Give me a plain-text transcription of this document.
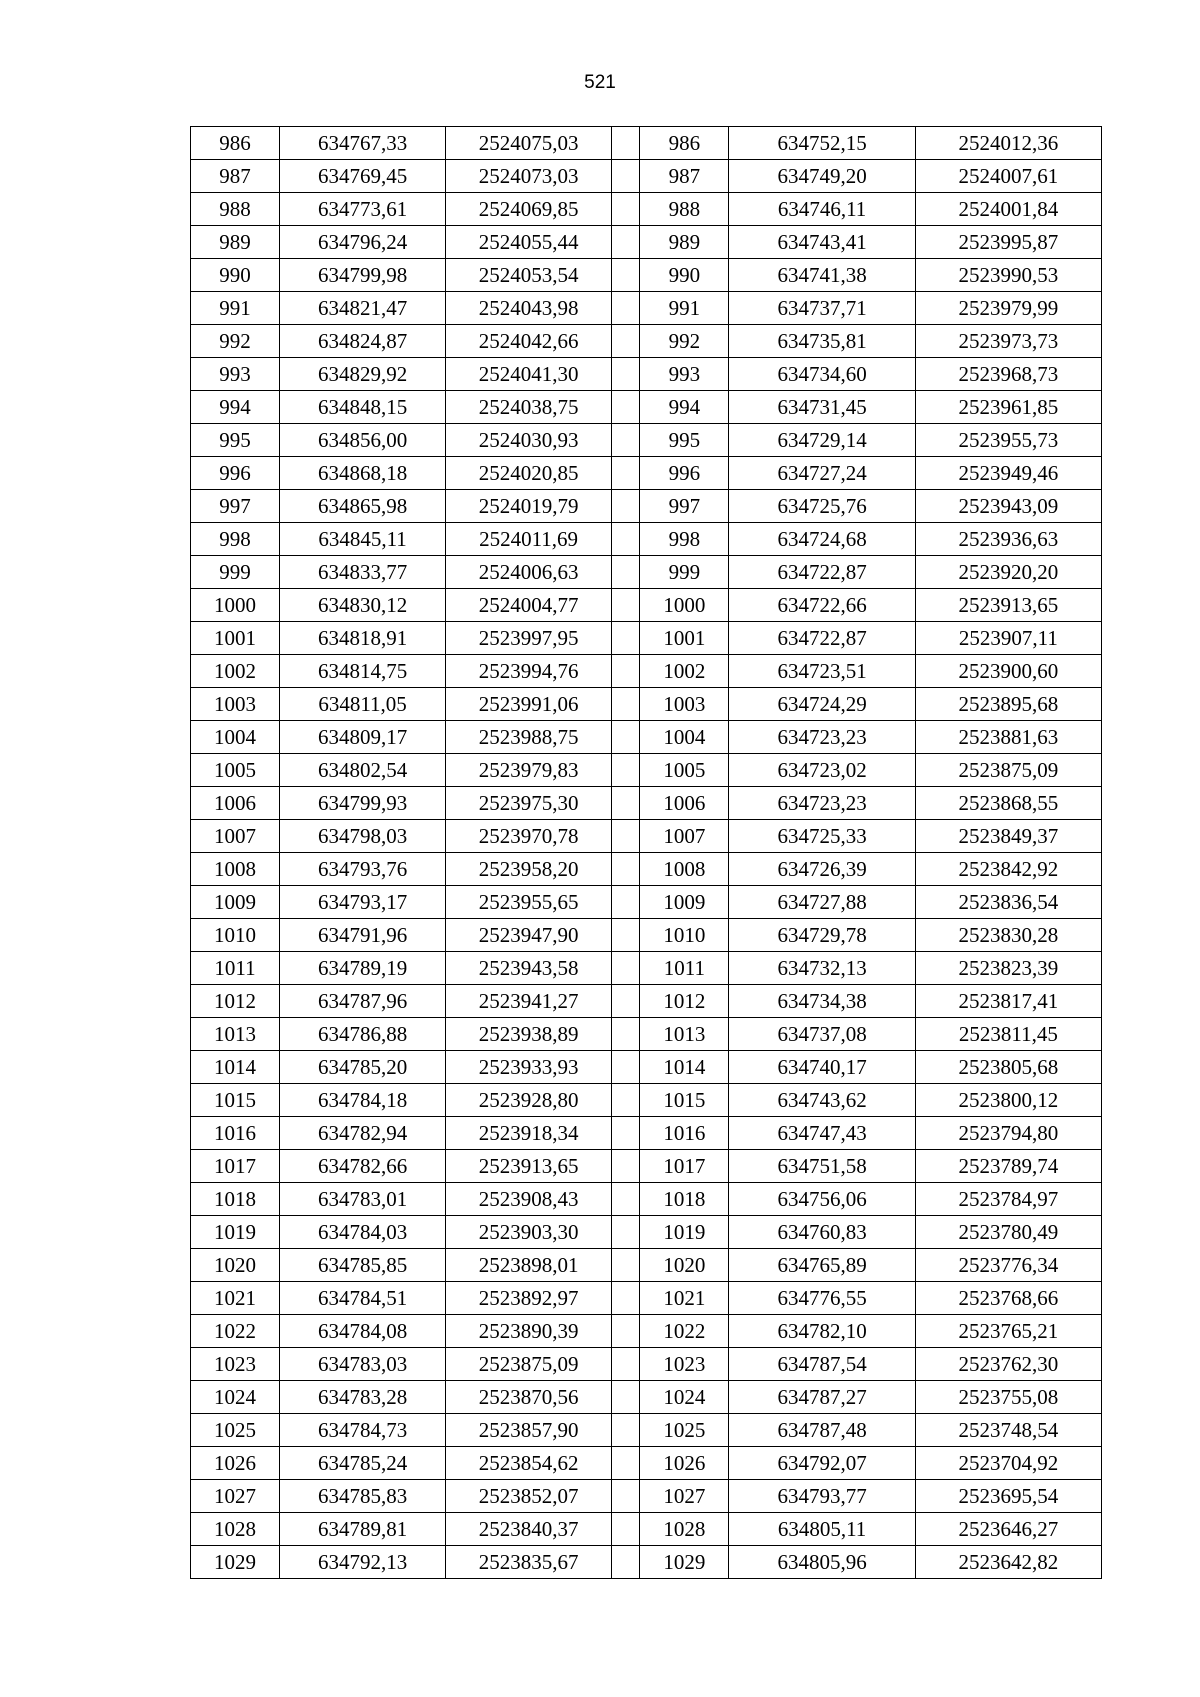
521
986	634767,33	2524075,03		986	634752,15	2524012,36
987	634769,45	2524073,03		987	634749,20	2524007,61
988	634773,61	2524069,85		988	634746,11	2524001,84
989	634796,24	2524055,44		989	634743,41	2523995,87
990	634799,98	2524053,54		990	634741,38	2523990,53
991	634821,47	2524043,98		991	634737,71	2523979,99
992	634824,87	2524042,66		992	634735,81	2523973,73
993	634829,92	2524041,30		993	634734,60	2523968,73
994	634848,15	2524038,75		994	634731,45	2523961,85
995	634856,00	2524030,93		995	634729,14	2523955,73
996	634868,18	2524020,85		996	634727,24	2523949,46
997	634865,98	2524019,79		997	634725,76	2523943,09
998	634845,11	2524011,69		998	634724,68	2523936,63
999	634833,77	2524006,63		999	634722,87	2523920,20
1000	634830,12	2524004,77		1000	634722,66	2523913,65
1001	634818,91	2523997,95		1001	634722,87	2523907,11
1002	634814,75	2523994,76		1002	634723,51	2523900,60
1003	634811,05	2523991,06		1003	634724,29	2523895,68
1004	634809,17	2523988,75		1004	634723,23	2523881,63
1005	634802,54	2523979,83		1005	634723,02	2523875,09
1006	634799,93	2523975,30		1006	634723,23	2523868,55
1007	634798,03	2523970,78		1007	634725,33	2523849,37
1008	634793,76	2523958,20		1008	634726,39	2523842,92
1009	634793,17	2523955,65		1009	634727,88	2523836,54
1010	634791,96	2523947,90		1010	634729,78	2523830,28
1011	634789,19	2523943,58		1011	634732,13	2523823,39
1012	634787,96	2523941,27		1012	634734,38	2523817,41
1013	634786,88	2523938,89		1013	634737,08	2523811,45
1014	634785,20	2523933,93		1014	634740,17	2523805,68
1015	634784,18	2523928,80		1015	634743,62	2523800,12
1016	634782,94	2523918,34		1016	634747,43	2523794,80
1017	634782,66	2523913,65		1017	634751,58	2523789,74
1018	634783,01	2523908,43		1018	634756,06	2523784,97
1019	634784,03	2523903,30		1019	634760,83	2523780,49
1020	634785,85	2523898,01		1020	634765,89	2523776,34
1021	634784,51	2523892,97		1021	634776,55	2523768,66
1022	634784,08	2523890,39		1022	634782,10	2523765,21
1023	634783,03	2523875,09		1023	634787,54	2523762,30
1024	634783,28	2523870,56		1024	634787,27	2523755,08
1025	634784,73	2523857,90		1025	634787,48	2523748,54
1026	634785,24	2523854,62		1026	634792,07	2523704,92
1027	634785,83	2523852,07		1027	634793,77	2523695,54
1028	634789,81	2523840,37		1028	634805,11	2523646,27
1029	634792,13	2523835,67		1029	634805,96	2523642,82
